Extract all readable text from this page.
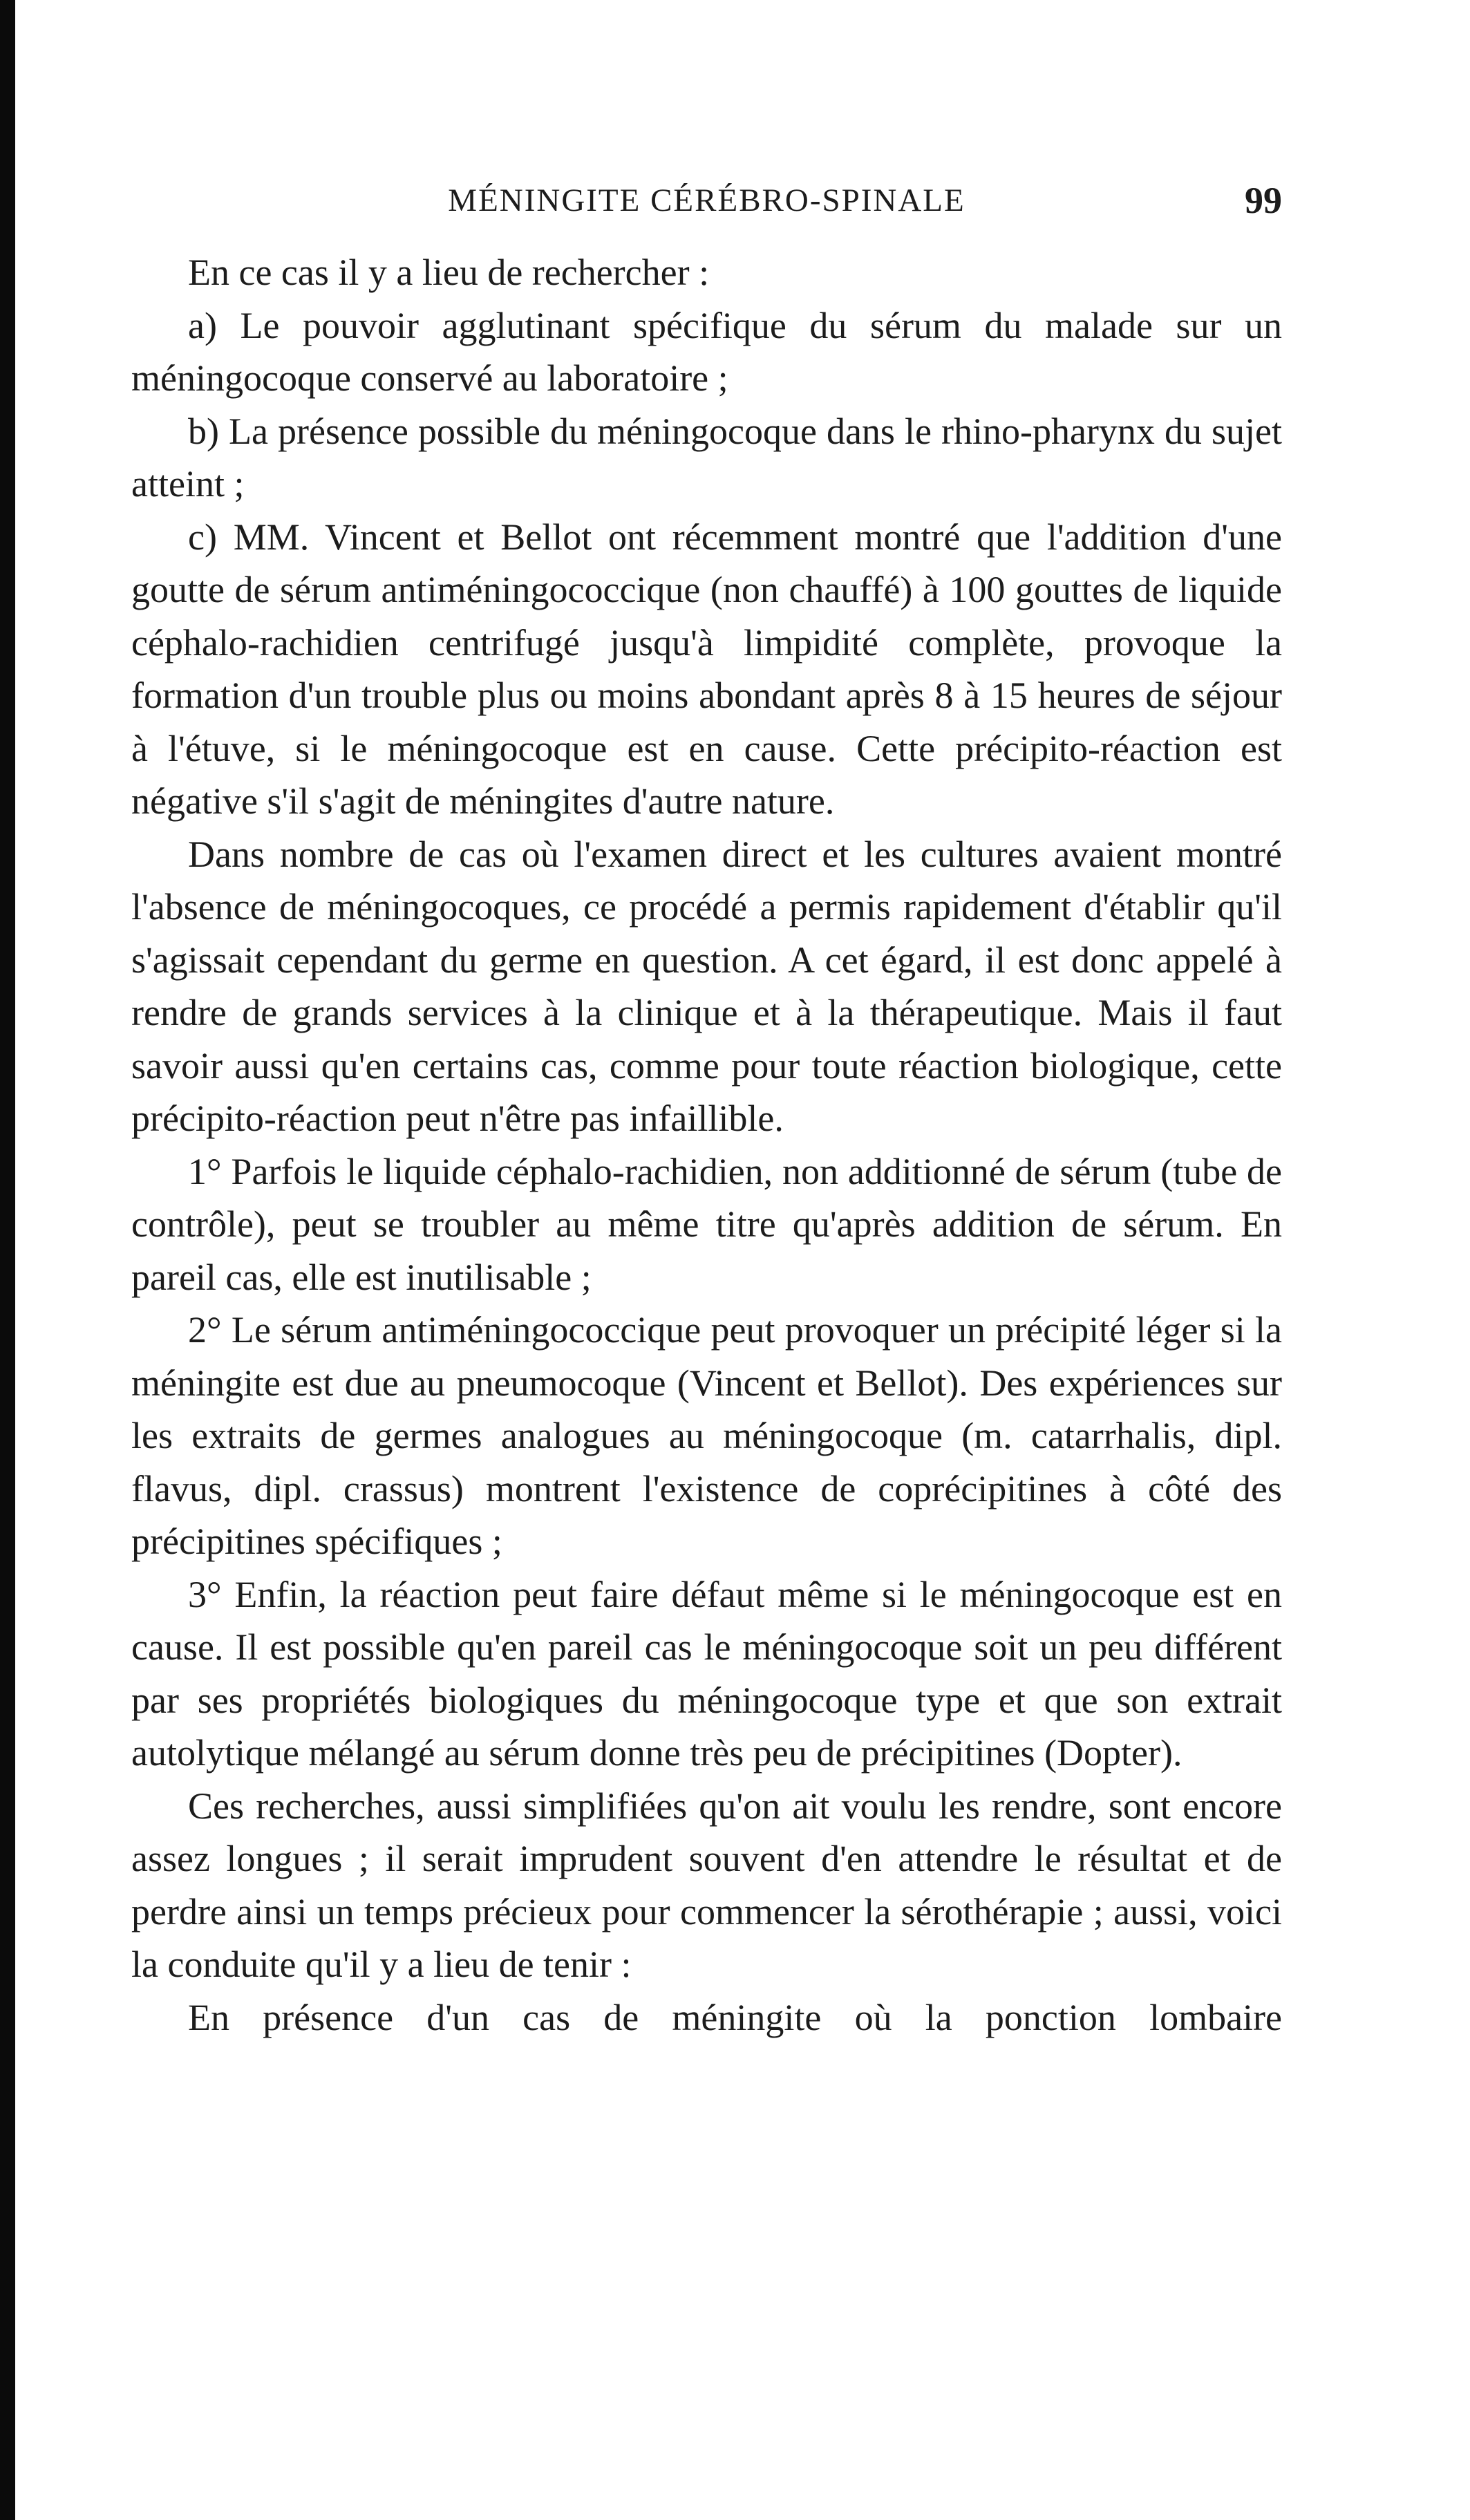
MÉNINGITE CÉRÉBRO-SPINALE	99

En ce cas il y a lieu de rechercher :

a) Le pouvoir agglutinant spécifique du sérum du malade sur un méningocoque conservé au laboratoire ;

b) La présence possible du méningocoque dans le rhino-pharynx du sujet atteint ;

c) MM. Vincent et Bellot ont récemment montré que l'addition d'une goutte de sérum antiméningococcique (non chauffé) à 100 gouttes de liquide céphalo-rachidien centrifugé jusqu'à limpidité complète, provoque la formation d'un trouble plus ou moins abondant après 8 à 15 heures de séjour à l'étuve, si le méningocoque est en cause. Cette précipito-réaction est négative s'il s'agit de méningites d'autre nature.

Dans nombre de cas où l'examen direct et les cultures avaient montré l'absence de méningocoques, ce procédé a permis rapidement d'établir qu'il s'agissait cependant du germe en question. A cet égard, il est donc appelé à rendre de grands services à la clinique et à la thérapeutique. Mais il faut savoir aussi qu'en certains cas, comme pour toute réaction biologique, cette précipito-réaction peut n'être pas infaillible.

1° Parfois le liquide céphalo-rachidien, non additionné de sérum (tube de contrôle), peut se troubler au même titre qu'après addition de sérum. En pareil cas, elle est inutilisable ;

2° Le sérum antiméningococcique peut provoquer un précipité léger si la méningite est due au pneumocoque (Vincent et Bellot). Des expériences sur les extraits de germes analogues au méningocoque (m. catarrhalis, dipl. flavus, dipl. crassus) montrent l'existence de coprécipitines à côté des précipitines spécifiques ;

3° Enfin, la réaction peut faire défaut même si le méningocoque est en cause. Il est possible qu'en pareil cas le méningocoque soit un peu différent par ses propriétés biologiques du méningocoque type et que son extrait autolytique mélangé au sérum donne très peu de précipitines (Dopter).

Ces recherches, aussi simplifiées qu'on ait voulu les rendre, sont encore assez longues ; il serait imprudent souvent d'en attendre le résultat et de perdre ainsi un temps précieux pour commencer la sérothérapie ; aussi, voici la conduite qu'il y a lieu de tenir :

En présence d'un cas de méningite où la ponction lombaire
